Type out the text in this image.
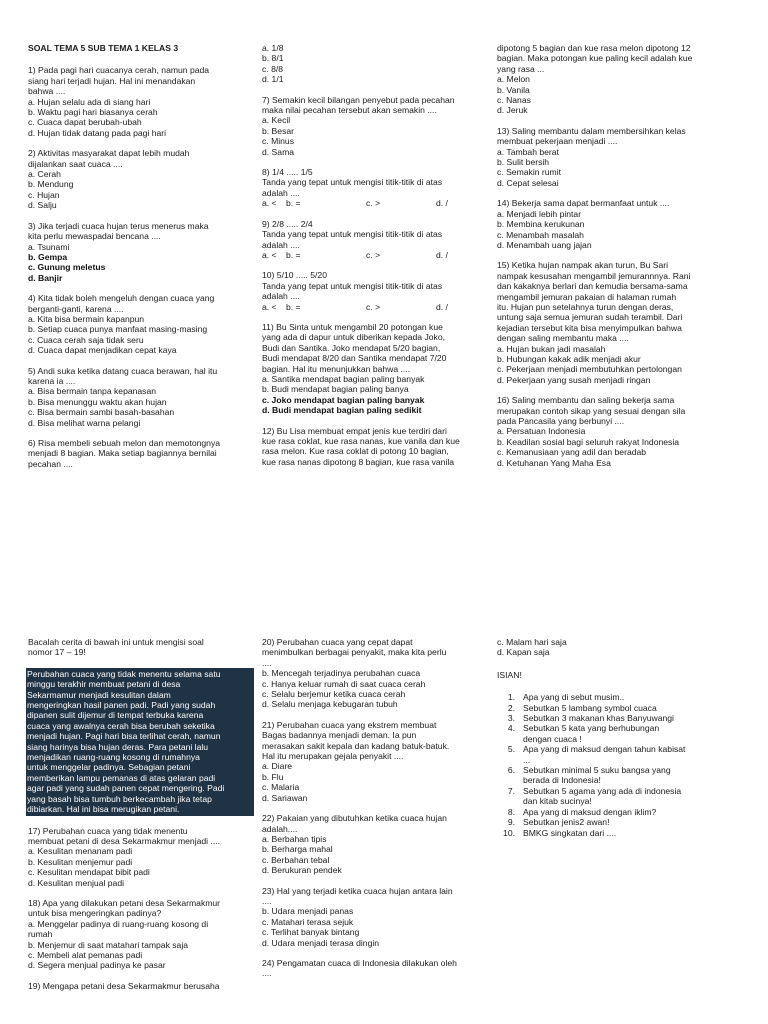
SOAL TEMA 5 SUB TEMA 1 KELAS 3
1) Pada pagi hari cuacanya cerah, namun pada
siang hari terjadi hujan. Hal ini menandakan
bahwa ....
a. Hujan selalu ada di siang hari
b. Waktu pagi hari biasanya cerah
c. Cuaca dapat berubah-ubah
d. Hujan tidak datang pada pagi hari
2) Aktivitas masyarakat dapat lebih mudah
dijalankan saat cuaca ....
a. Cerah
b. Mendung
c. Hujan
d. Salju
3) Jika terjadi cuaca hujan terus menerus maka
kita perlu mewaspadai bencana ....
a. Tsunami
b. Gempa
c. Gunung meletus
d. Banjir
4) Kita tidak boleh mengeluh dengan cuaca yang
berganti-ganti, karena ....
a. Kita bisa bermain kapanpun
b. Setiap cuaca punya manfaat masing-masing
c. Cuaca cerah saja tidak seru
d. Cuaca dapat menjadikan cepat kaya
5) Andi suka ketika datang cuaca berawan, hal itu
karena ia ....
a. Bisa bermain tanpa kepanasan
b. Bisa menunggu waktu akan hujan
c. Bisa bermain sambi basah-basahan
d. Bisa melihat warna pelangi
6) Risa membeli sebuah melon dan memotongnya
menjadi 8 bagian. Maka setiap bagiannya bernilai
pecahan ....
a. 1/8
b. 8/1
c. 8/8
d. 1/1
7) Semakin kecil bilangan penyebut pada pecahan
maka nilai pecahan tersebut akan semakin ....
a. Kecil
b. Besar
c. Minus
d. Sama
8) 1/4 ..... 1/5
Tanda yang tepat untuk mengisi titik-titik di atas
adalah ....
a. <	b. =	c. >	d. /
9) 2/8 ..... 2/4
Tanda yang tepat untuk mengisi titik-titik di atas
adalah ....
a. <	b. =	c. >	d. /
10) 5/10 ..... 5/20
Tanda yang tepat untuk mengisi titik-titik di atas
adalah ....
a. <	b. =	c. >	d. /
11) Bu Sinta untuk mengambil 20 potongan kue
yang ada di dapur untuk diberikan kepada Joko,
Budi dan Santika. Joko mendapat 5/20 bagian,
Budi mendapat 8/20 dan Santika mendapat 7/20
bagian. Hal itu menunjukkan bahwa ....
a. Santika mendapat bagian paling banyak
b. Budi mendapat bagian paling banya
c. Joko mendapat bagian paling banyak
d. Budi mendapat bagian paling sedikit
12) Bu Lisa membuat empat jenis kue terdiri dari
kue rasa coklat, kue rasa nanas, kue vanila dan kue
rasa melon. Kue rasa coklat di potong 10 bagian,
kue rasa nanas dipotong 8 bagian, kue rasa vanila
dipotong 5 bagian dan kue rasa melon dipotong 12
bagian. Maka potongan kue paling kecil adalah kue
yang rasa ...
a. Melon
b. Vanila
c. Nanas
d. Jeruk
13) Saling membantu dalam membersihkan kelas
membuat pekerjaan menjadi ....
a. Tambah berat
b. Sulit bersih
c. Semakin rumit
d. Cepat selesai
14) Bekerja sama dapat bermanfaat untuk ....
a. Menjadi lebih pintar
b. Membina kerukunan
c. Menambah masalah
d. Menambah uang jajan
15) Ketika hujan nampak akan turun, Bu Sari
nampak kesusahan mengambil jemurannnya. Rani
dan kakaknya berlari dan kemudia bersama-sama
mengambil jemuran pakaian di halaman rumah
itu. Hujan pun setelahnya turun dengan deras,
untung saja semua jemuran sudah terambil. Dari
kejadian tersebut kita bisa menyimpulkan bahwa
dengan saling membantu maka ....
a. Hujan bukan jadi masalah
b. Hubungan kakak adik menjadi akur
c. Pekerjaan menjadi membutuhkan pertolongan
d. Pekerjaan yang susah menjadi ringan
16) Saling membantu dan saling bekerja sama
merupakan contoh sikap yang sesuai dengan sila
pada Pancasila yang berbunyi ....
a. Persatuan Indonesia
b. Keadilan sosial bagi seluruh rakyat Indonesia
c. Kemanusiaan yang adil dan beradab
d. Ketuhanan Yang Maha Esa
Bacalah cerita di bawah ini untuk mengisi soal
nomor 17 – 19!
Perubahan cuaca yang tidak menentu selama satu
minggu terakhir membuat petani di desa
Sekarmamur menjadi kesulitan dalam
mengeringkan hasil panen padi. Padi yang sudah
dipanen sulit dijemur di tempat terbuka karena
cuaca yang awalnya cerah bisa berubah seketika
menjadi hujan. Pagi hari bisa terlihat cerah, namun
siang harinya bisa hujan deras. Para petani lalu
menjadikan ruang-ruang kosong di rumahnya
untuk menggelar padinya. Sebagian petani
memberikan lampu pemanas di atas gelaran padi
agar padi yang sudah panen cepat mengering. Padi
yang basah bisa tumbuh berkecambah jika tetap
dibiarkan. Hal ini bisa merugikan petani.
17) Perubahan cuaca yang tidak menentu
membuat petani di desa Sekarmakmur menjadi ....
a. Kesulitan menanam padi
b. Kesulitan menjemur padi
c. Kesulitan mendapat bibit padi
d. Kesulitan menjual padi
18) Apa yang dilakukan petani desa Sekarmakmur
untuk bisa mengeringkan padinya?
a. Menggelar padinya di ruang-ruang kosong di
rumah
b. Menjemur di saat matahari tampak saja
c. Membeli alat pemanas padi
d. Segera menjual padinya ke pasar
19) Mengapa petani desa Sekarmakmur berusaha
20) Perubahan cuaca yang cepat dapat
menimbulkan berbagai penyakit, maka kita perlu
....
b. Mencegah terjadinya perubahan cuaca
c. Hanya keluar rumah di saat cuaca cerah
c. Selalu berjemur ketika cuaca cerah
d. Selalu menjaga kebugaran tubuh
21) Perubahan cuaca yang ekstrem membuat
Bagas badannya menjadi deman. Ia pun
merasakan sakit kepala dan kadang batuk-batuk.
Hal itu merupakan gejala penyakit ....
a. Diare
b. Flu
c. Malaria
d. Sariawan
22) Pakaian yang dibutuhkan ketika cuaca hujan
adalah....
a. Berbahan tipis
b. Berharga mahal
c. Berbahan tebal
d. Berukuran pendek
23) Hal yang terjadi ketika cuaca hujan antara lain
....
b. Udara menjadi panas
c. Matahari terasa sejuk
c. Terlihat banyak bintang
d. Udara menjadi terasa dingin
24) Pengamatan cuaca di Indonesia dilakukan oleh
....
c. Malam hari saja
d. Kapan saja
ISIAN!
1. Apa yang di sebut musim..
2. Sebutkan 5 lambang symbol cuaca
3. Sebutkan 3 makanan khas Banyuwangi
4. Sebutkan 5 kata yang berhubungan
dengan cuaca !
5. Apa yang di maksud dengan tahun kabisat
...
6. Sebutkan minimal 5 suku bangsa yang
berada di Indonesia!
7. Sebutkan 5 agama yang ada di indonesia
dan kitab sucinya!
8. Apa yang di maksud dengan iklim?
9. Sebutkan jenis2 awan!
10. BMKG singkatan dari ....
